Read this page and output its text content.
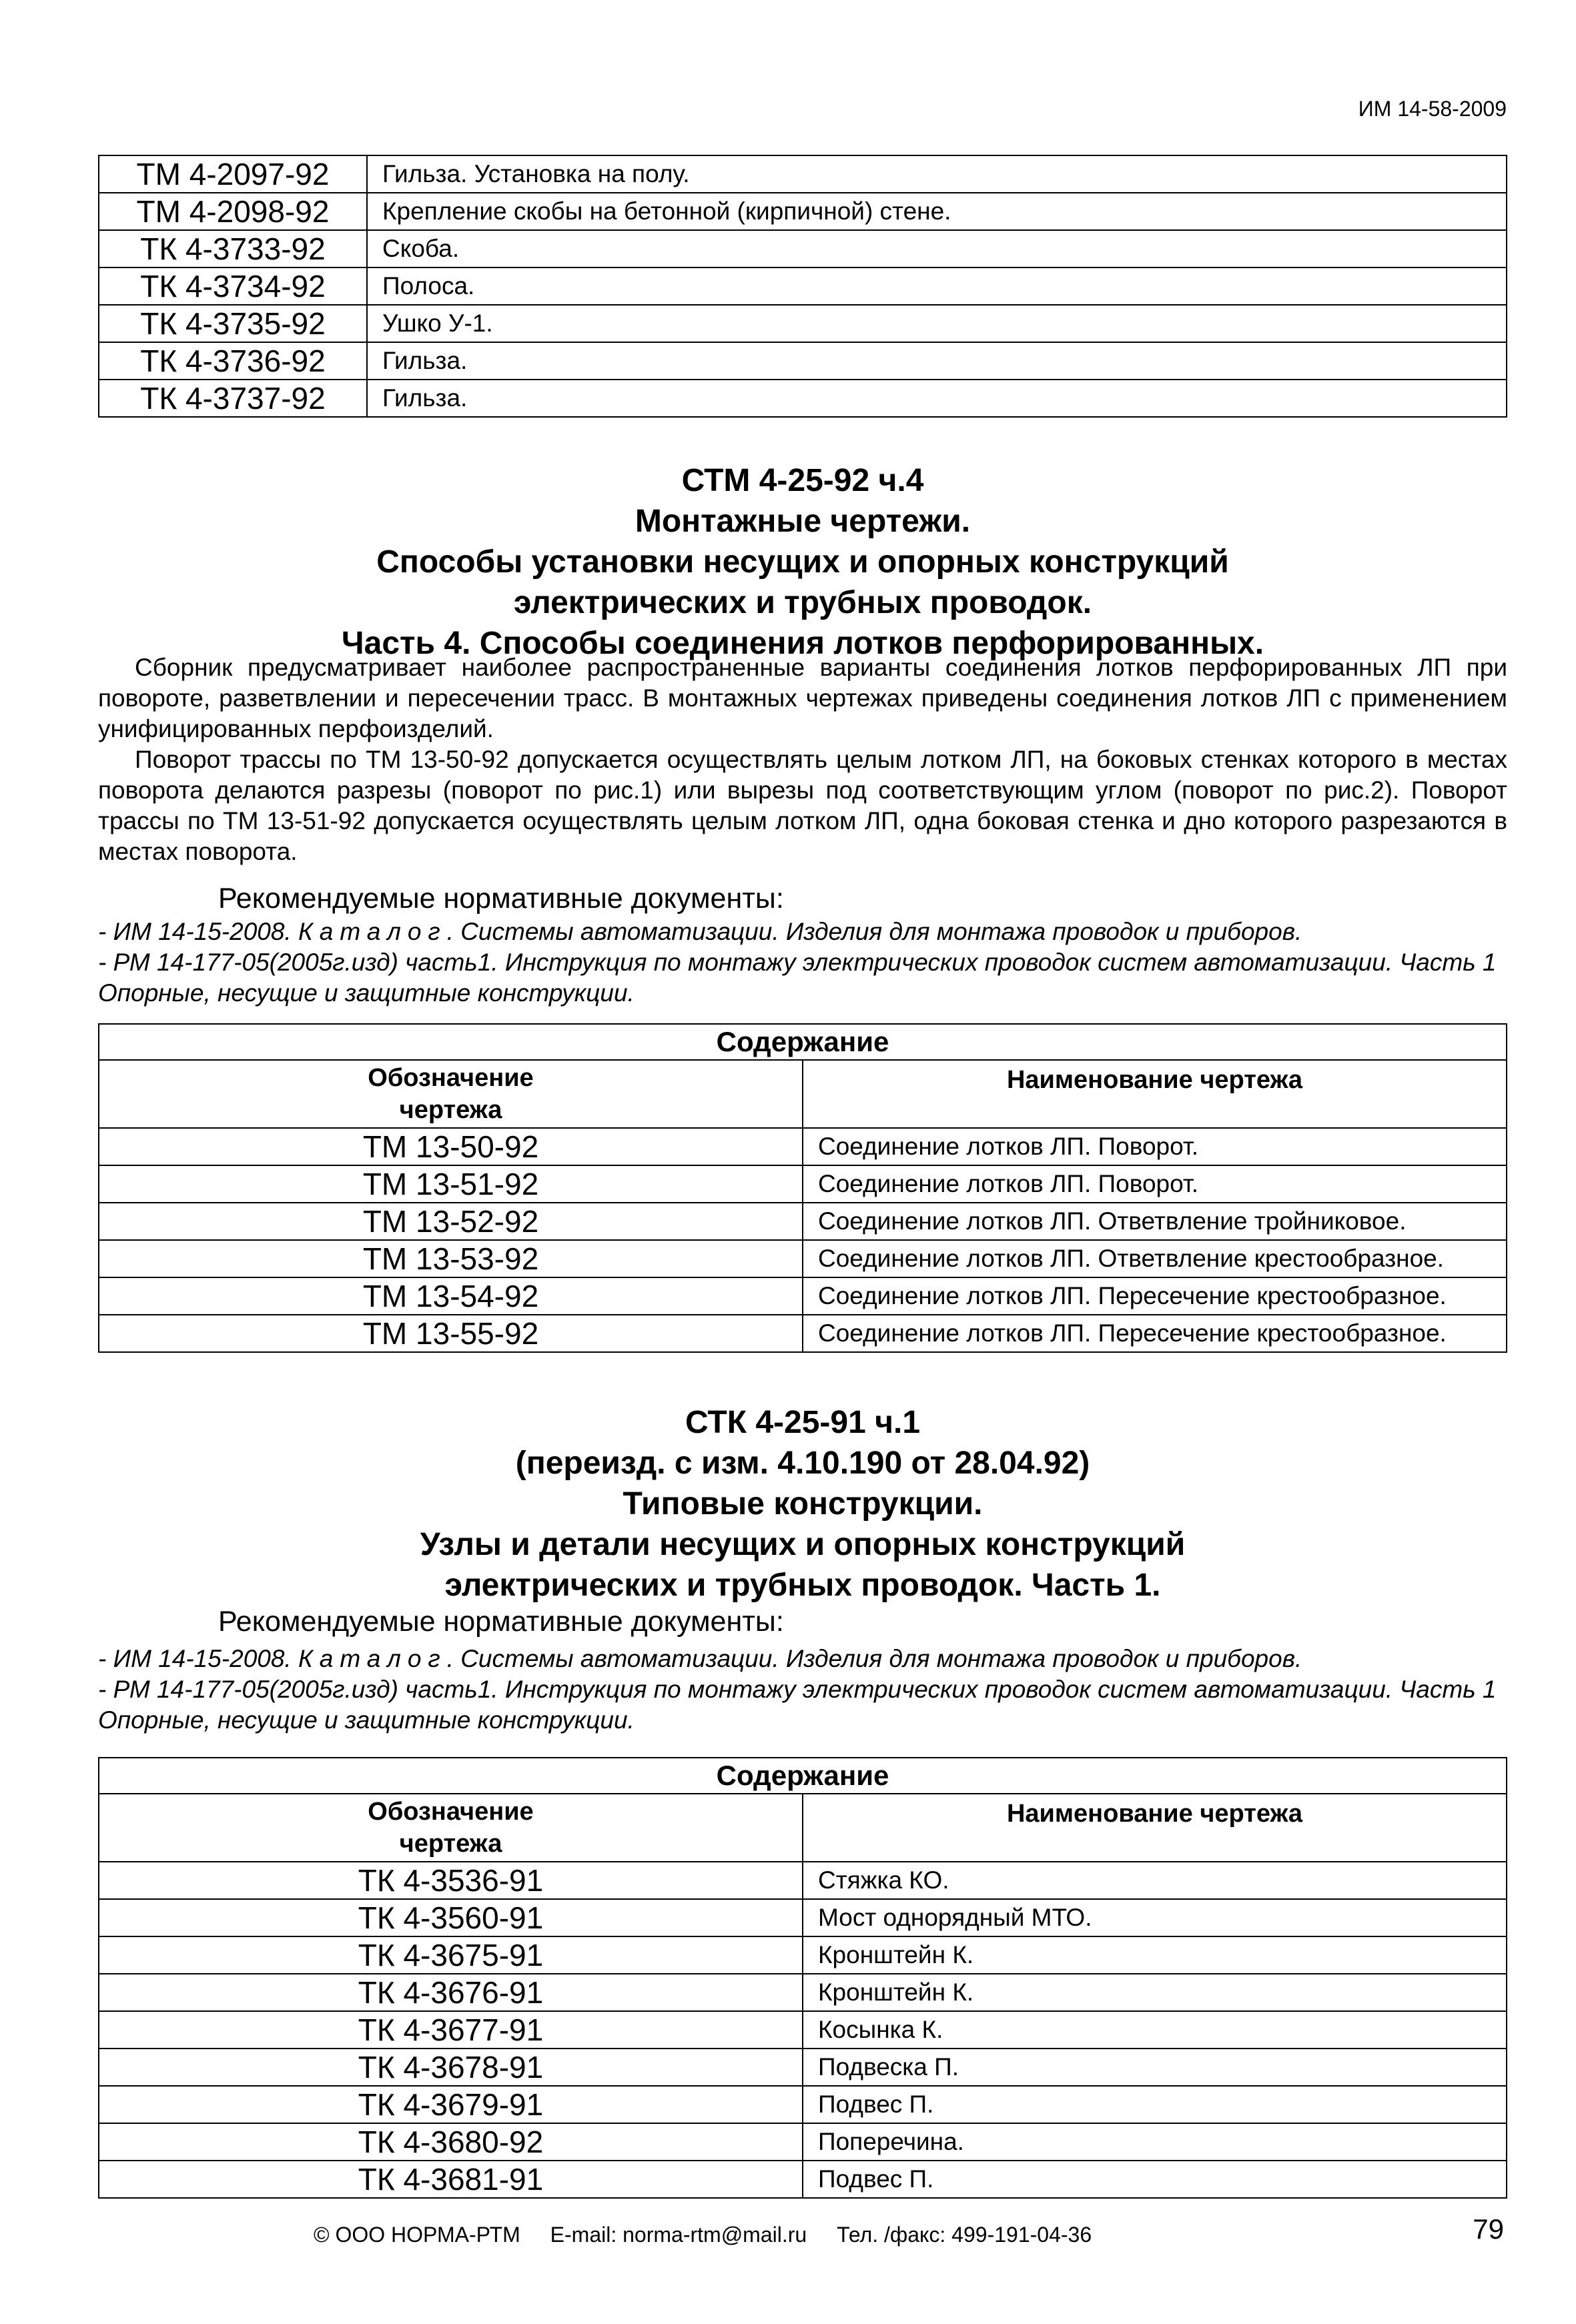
ИМ 14-58-2009
ТМ 4-2097-92	Гильза. Установка на полу.
ТМ 4-2098-92	Крепление скобы на бетонной (кирпичной) стене.
ТК 4-3733-92	Скоба.
ТК 4-3734-92	Полоса.
ТК 4-3735-92	Ушко У-1.
ТК 4-3736-92	Гильза.
ТК 4-3737-92	Гильза.
СТМ 4-25-92 ч.4
Монтажные чертежи.
Способы установки несущих и опорных конструкций
электрических и трубных проводок.
Часть 4. Способы соединения лотков перфорированных.

Сборник предусматривает наиболее распространенные варианты соединения лотков перфорированных ЛП при повороте, разветвлении и пересечении трасс. В монтажных чертежах приведены соединения лотков ЛП с применением унифицированных перфоизделий.

Поворот трассы по ТМ 13-50-92 допускается осуществлять целым лотком ЛП, на боковых стенках которого в местах поворота делаются разрезы (поворот по рис.1) или вырезы под соответствующим углом (поворот по рис.2). Поворот трассы по ТМ 13-51-92 допускается осуществлять целым лотком ЛП, одна боковая стенка и дно которого разрезаются в местах поворота.

Рекомендуемые нормативные документы:

- ИМ 14-15-2008. Каталог. Системы автоматизации. Изделия для монтажа проводок и приборов.

- РМ 14-177-05(2005г.изд) часть1. Инструкция по монтажу электрических проводок систем автоматизации. Часть 1 Опорные, несущие и защитные конструкции.

Содержание	
Обозначение
чертежа	Наименование чертежа
ТМ 13-50-92	Соединение лотков ЛП. Поворот.
ТМ 13-51-92	Соединение лотков ЛП. Поворот.
ТМ 13-52-92	Соединение лотков ЛП. Ответвление тройниковое.
ТМ 13-53-92	Соединение лотков ЛП. Ответвление крестообразное.
ТМ 13-54-92	Соединение лотков ЛП. Пересечение крестообразное.
ТМ 13-55-92	Соединение лотков ЛП. Пересечение крестообразное.
СТК 4-25-91 ч.1
(переизд. с изм. 4.10.190 от 28.04.92)
Типовые конструкции.
Узлы и детали несущих и опорных конструкций
электрических и трубных проводок. Часть 1.
Рекомендуемые нормативные документы:

- ИМ 14-15-2008. Каталог. Системы автоматизации. Изделия для монтажа проводок и приборов.

- РМ 14-177-05(2005г.изд) часть1. Инструкция по монтажу электрических проводок систем автоматизации. Часть 1 Опорные, несущие и защитные конструкции.

Содержание	
Обозначение
чертежа	Наименование чертежа
ТК 4-3536-91	Стяжка КО.
ТК 4-3560-91	Мост однорядный МТО.
ТК 4-3675-91	Кронштейн К.
ТК 4-3676-91	Кронштейн К.
ТК 4-3677-91	Косынка К.
ТК 4-3678-91	Подвеска П.
ТК 4-3679-91	Подвес П.
ТК 4-3680-92	Поперечина.
ТК 4-3681-91	Подвес П.
© ООО НОРМА-РТМ E-mail: norma-rtm@mail.ru Тел. /факс: 499-191-04-36	79
